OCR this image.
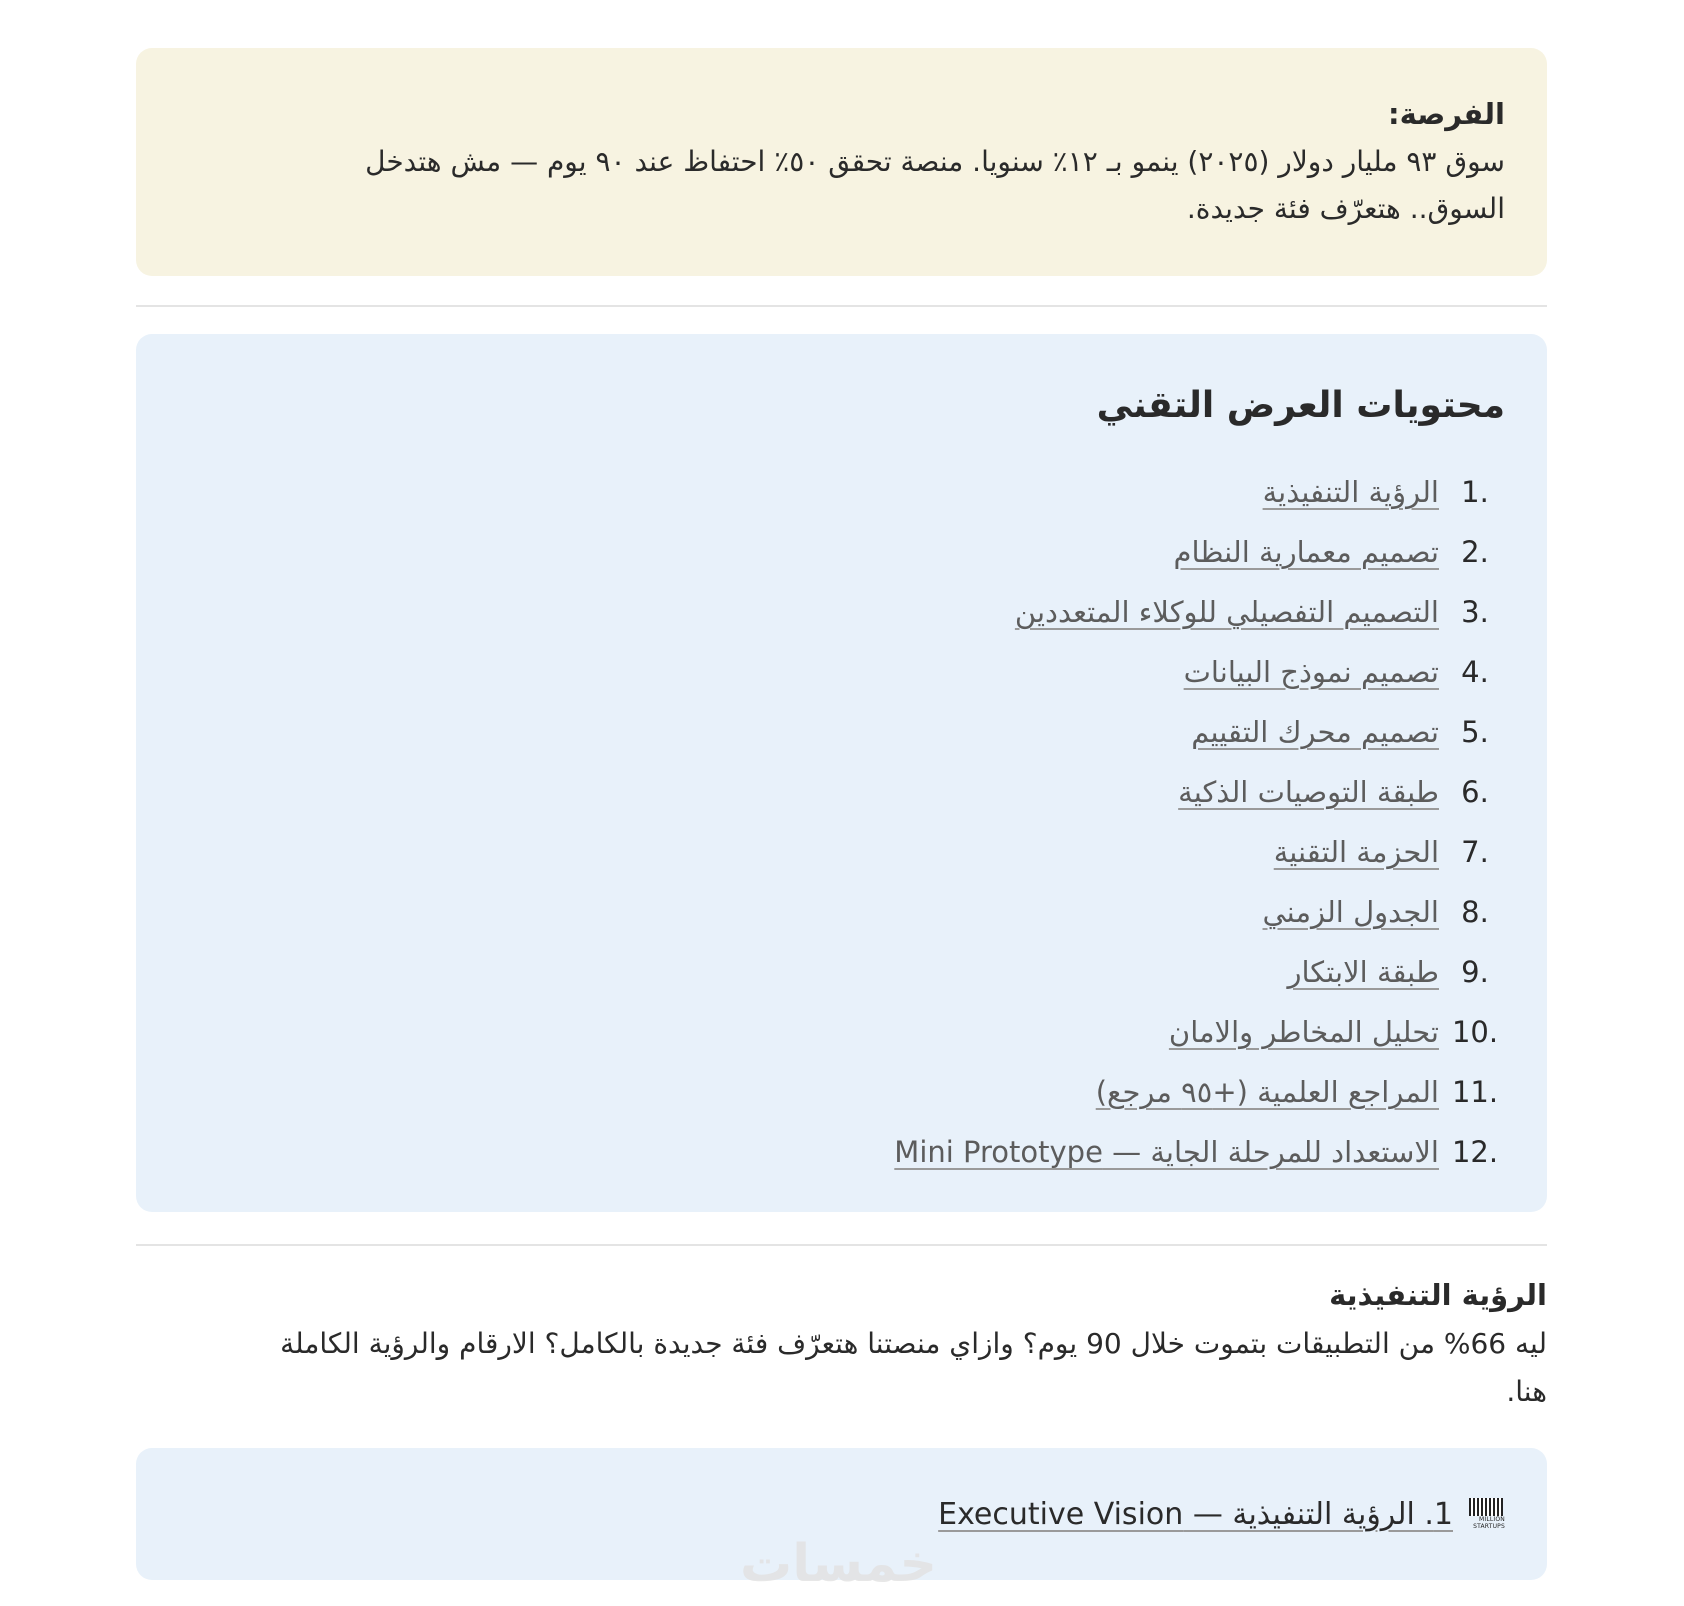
الفرصة:

سوق ٩٣ مليار دولار (٢٠٢٥) ينمو بـ ١٢٪ سنويا. منصة تحقق ٥٠٪ احتفاظ عند ٩٠ يوم — مش هتدخل
السوق.. هتعرّف فئة جديدة.

محتويات العرض التقني
1.
الرؤية التنفيذية
2.
تصميم معمارية النظام
3.
التصميم التفصيلي للوكلاء المتعددين
4.
تصميم نموذج البيانات
5.
تصميم محرك التقييم
6.
طبقة التوصيات الذكية
7.
الحزمة التقنية
8.
الجدول الزمني
9.
طبقة الابتكار
10.
تحليل المخاطر والامان
11.
المراجع العلمية (+٩٥ مرجع)
12.
الاستعداد للمرحلة الجاية — Mini Prototype
الرؤية التنفيذية

ليه 66% من التطبيقات بتموت خلال 90 يوم؟ وازاي منصتنا هتعرّف فئة جديدة بالكامل؟ الارقام والرؤية الكاملة
هنا.

MILLION STARTUPS
1. الرؤية التنفيذية — Executive Vision
خمسات
